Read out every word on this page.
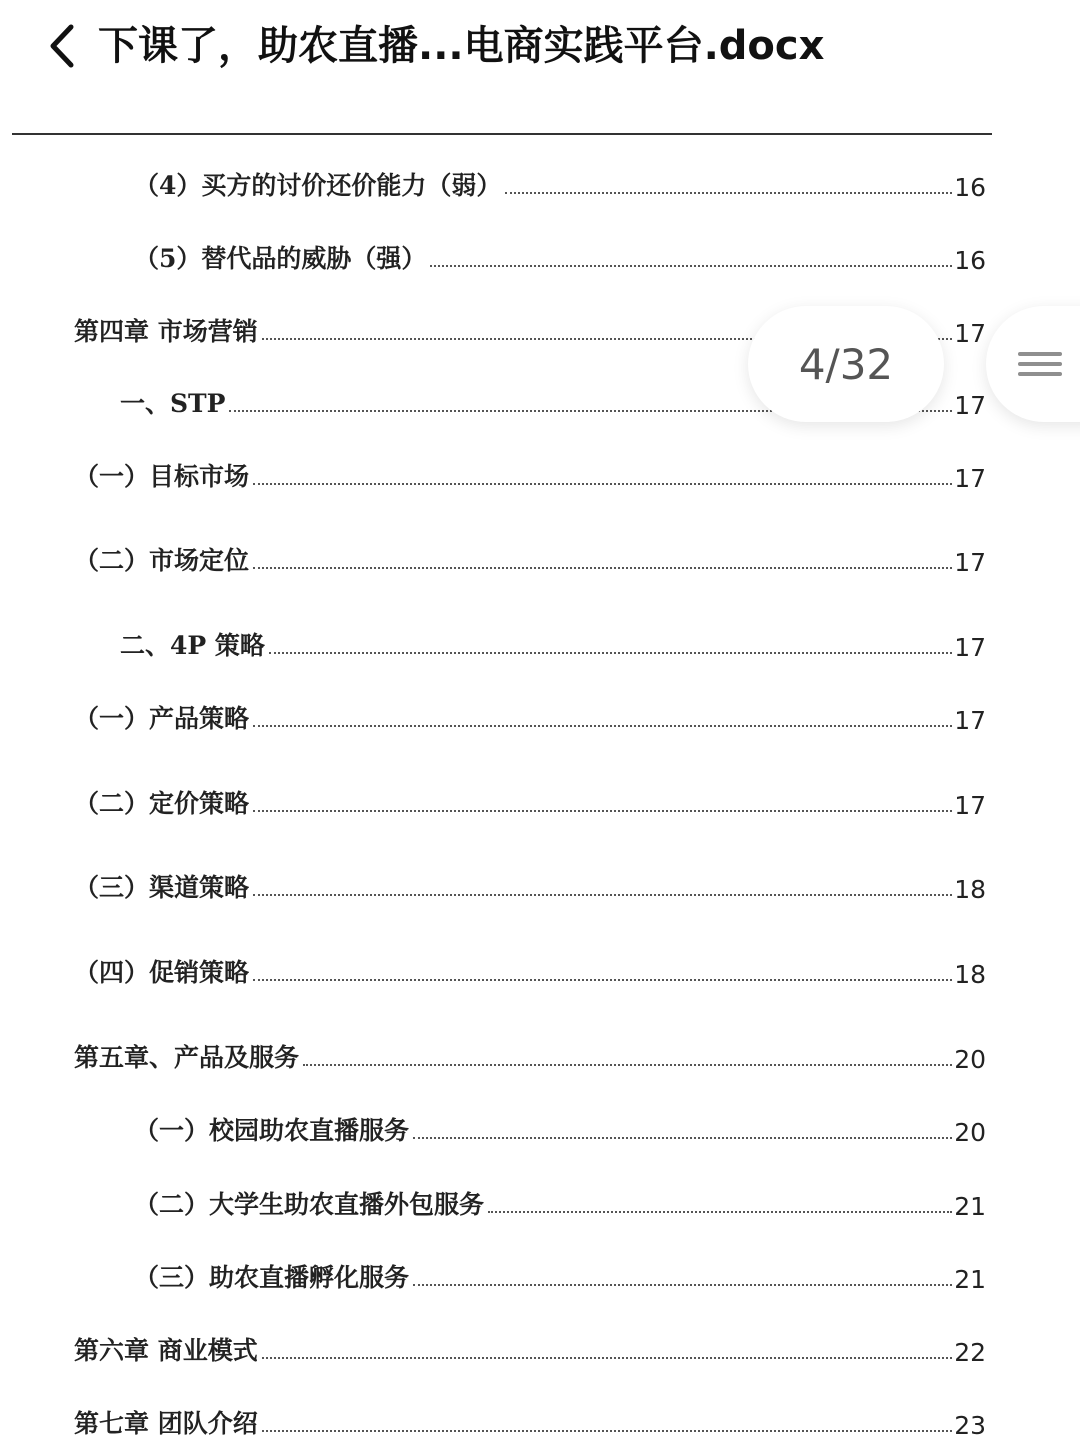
下课了，助农直播...电商实践平台.docx
（4）买方的讨价还价能力（弱）	16
（5）替代品的威胁（强）	16
第四章 市场营销	17
一、STP	17
（一）目标市场	17
（二）市场定位	17
二、4P 策略	17
（一）产品策略	17
（二）定价策略	17
（三）渠道策略	18
（四）促销策略	18
第五章、产品及服务	20
（一）校园助农直播服务	20
（二）大学生助农直播外包服务	21
（三）助农直播孵化服务	21
第六章 商业模式	22
第七章 团队介绍	23
4/32
